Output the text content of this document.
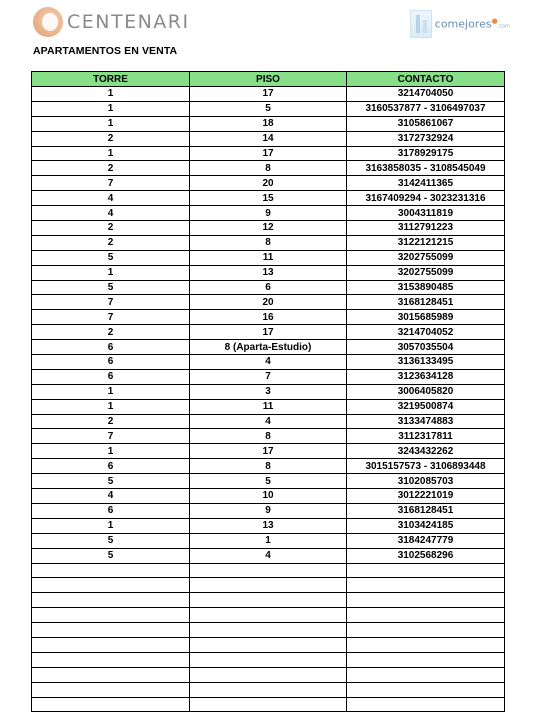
CENTENARI	comejores●.com
APARTAMENTOS EN VENTA
TORRE	PISO	CONTACTO
1	17	3214704050
1	5	3160537877 - 3106497037
1	18	3105861067
2	14	3172732924
1	17	3178929175
2	8	3163858035 - 3108545049
7	20	3142411365
4	15	3167409294 - 3023231316
4	9	3004311819
2	12	3112791223
2	8	3122121215
5	11	3202755099
1	13	3202755099
5	6	3153890485
7	20	3168128451
7	16	3015685989
2	17	3214704052
6	8 (Aparta-Estudio)	3057035504
6	4	3136133495
6	7	3123634128
1	3	3006405820
1	11	3219500874
2	4	3133474883
7	8	3112317811
1	17	3243432262
6	8	3015157573 - 3106893448
5	5	3102085703
4	10	3012221019
6	9	3168128451
1	13	3103424185
5	1	3184247779
5	4	3102568296
